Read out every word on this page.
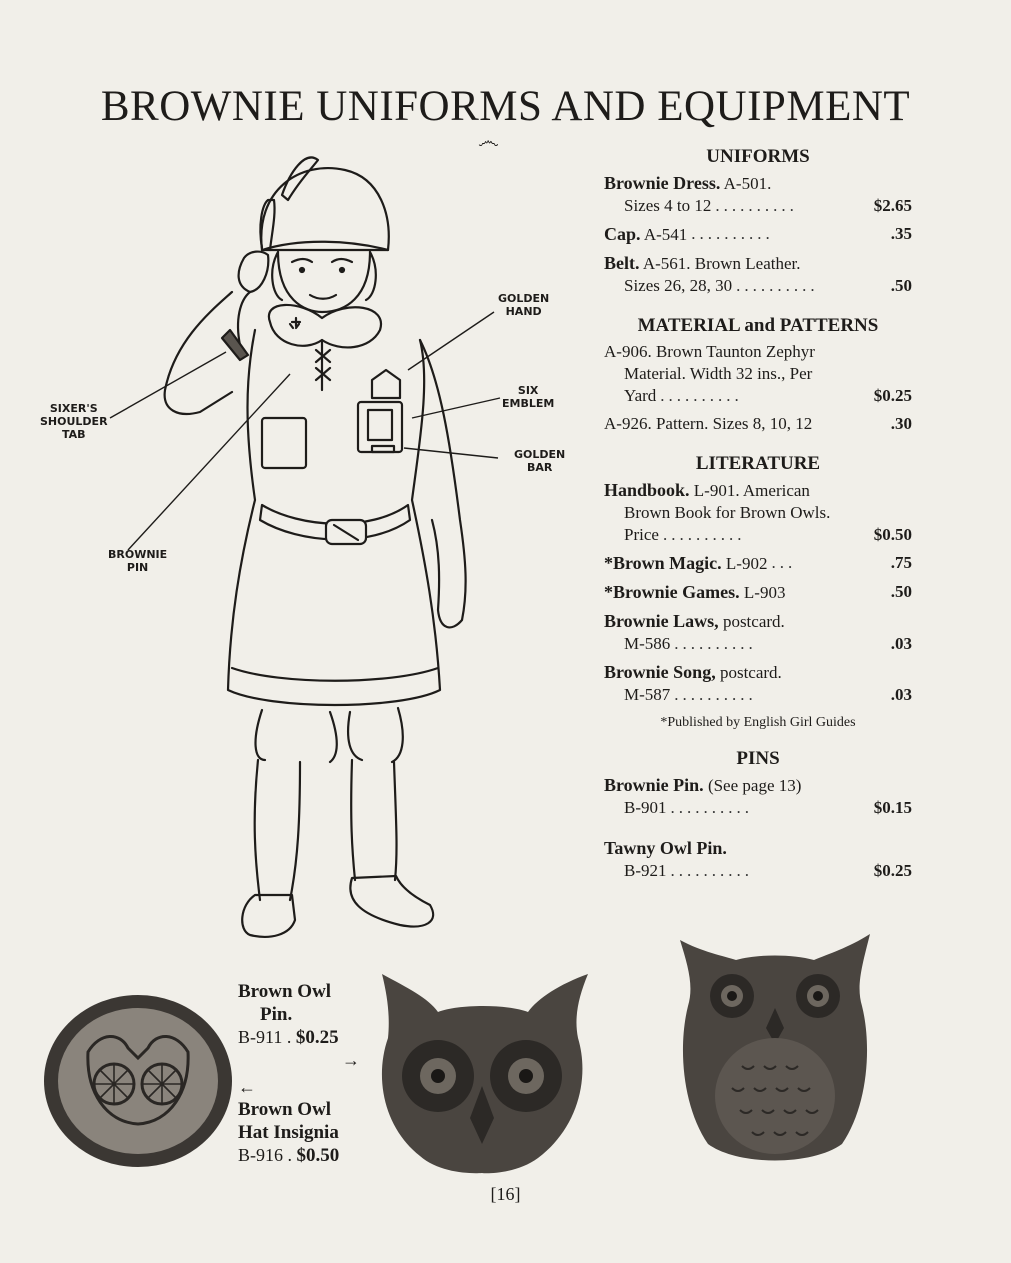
BROWNIE UNIFORMS AND EQUIPMENT
෴
UNIFORMS
Brownie Dress. A-501.
Sizes 4 to 12 ..........	$2.65
Cap. A-541 ..........	.35
Belt. A-561. Brown Leather.
Sizes 26, 28, 30 ..........	.50
MATERIAL and PATTERNS
A-906. Brown Taunton Zephyr
Material. Width 32 ins., Per
Yard ..........	$0.25
A-926. Pattern. Sizes 8, 10, 12	.30
LITERATURE
Handbook. L-901. American
Brown Book for Brown Owls.
Price ..........	$0.50
*Brown Magic. L-902 ...	.75
*Brownie Games. L-903	.50
Brownie Laws, postcard.
M-586 ..........	.03
Brownie Song, postcard.
M-587 ..........	.03
*Published by English Girl Guides
PINS
Brownie Pin. (See page 13)
B-901 ..........	$0.15
Tawny Owl Pin.
B-921 ..........	$0.25
GOLDEN
HAND
SIX
EMBLEM
GOLDEN
BAR
SIXER'S
SHOULDER
TAB
BROWNIE
PIN
Brown Owl
Pin.
B-911 . $0.25
→
←
Brown Owl
Hat Insignia
B-916 . $0.50
[16]
